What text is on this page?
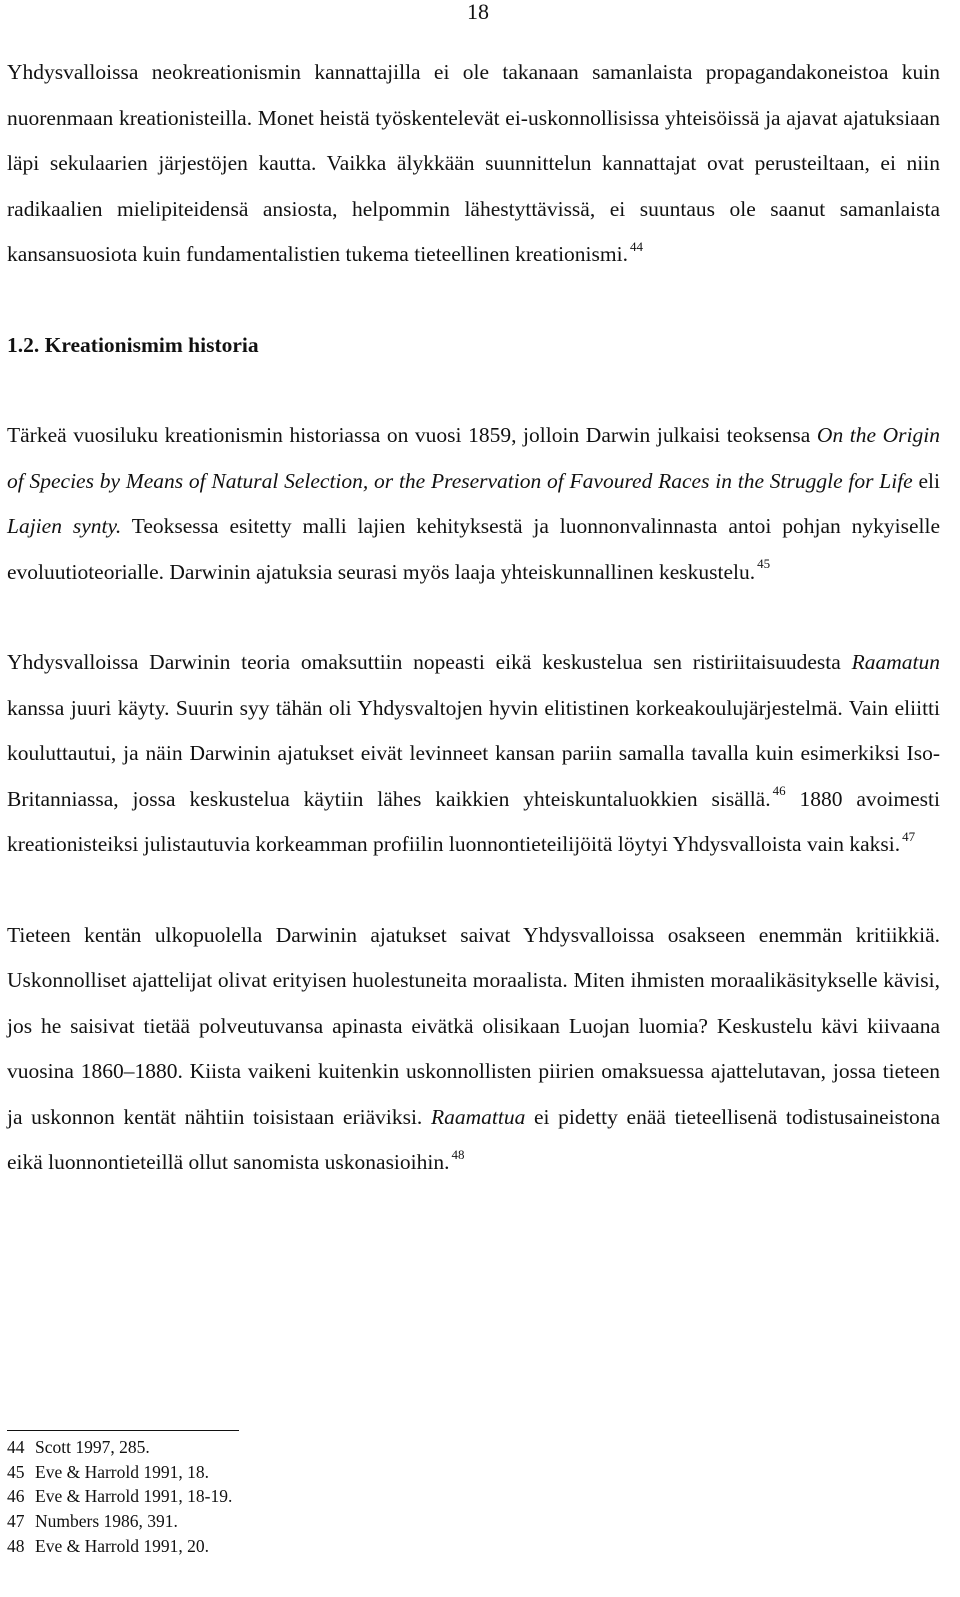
18

Yhdysvalloissa neokreationismin kannattajilla ei ole takanaan samanlaista propagandakoneistoa kuin nuorenmaan kreationisteilla. Monet heistä työskentelevät ei-uskonnollisissa yhteisöissä ja ajavat ajatuksiaan läpi sekulaarien järjestöjen kautta. Vaikka älykkään suunnittelun kannattajat ovat perusteiltaan, ei niin radikaalien mielipiteidensä ansiosta, helpommin lähestyttävissä, ei suuntaus ole saanut samanlaista kansansuosiota kuin fundamentalistien tukema tieteellinen kreationismi. $^{44}$

1.2. Kreationismim historia

Tärkeä vuosiluku kreationismin historiassa on vuosi 1859, jolloin Darwin julkaisi teoksensa On the Origin of Species by Means of Natural Selection, or the Preservation of Favoured Races in the Struggle for Life eli Lajien synty. Teoksessa esitetty malli lajien kehityksestä ja luonnonvalinnasta antoi pohjan nykyiselle evoluutioteorialle. Darwinin ajatuksia seurasi myös laaja yhteiskunnallinen keskustelu. $^{45}$

Yhdysvalloissa Darwinin teoria omaksuttiin nopeasti eikä keskustelua sen ristiriitaisuudesta Raamatun kanssa juuri käyty. Suurin syy tähän oli Yhdysvaltojen hyvin elitistinen korkeakoulujärjestelmä. Vain eliitti kouluttautui, ja näin Darwinin ajatukset eivät levinneet kansan pariin samalla tavalla kuin esimerkiksi Iso-Britanniassa, jossa keskustelua käytiin lähes kaikkien yhteiskuntaluokkien sisällä. $^{46}$ 1880 avoimesti kreationisteiksi julistautuvia korkeamman profiilin luonnontieteilijöitä löytyi Yhdysvalloista vain kaksi. $^{47}$

Tieteen kentän ulkopuolella Darwinin ajatukset saivat Yhdysvalloissa osakseen enemmän kritiikkiä. Uskonnolliset ajattelijat olivat erityisen huolestuneita moraalista. Miten ihmisten moraalikäsitykselle kävisi, jos he saisivat tietää polveutuvansa apinasta eivätkä olisikaan Luojan luomia? Keskustelu kävi kiivaana vuosina 1860–1880. Kiista vaikeni kuitenkin uskonnollisten piirien omaksuessa ajattelutavan, jossa tieteen ja uskonnon kentät nähtiin toisistaan eriäviksi. Raamattua ei pidetty enää tieteellisenä todistusaineistona eikä luonnontieteillä ollut sanomista uskonasioihin. $^{48}$

44 Scott 1997, 285.

45 Eve & Harrold 1991, 18.

46 Eve & Harrold 1991, 18-19.

47 Numbers 1986, 391.

48 Eve & Harrold 1991, 20.
